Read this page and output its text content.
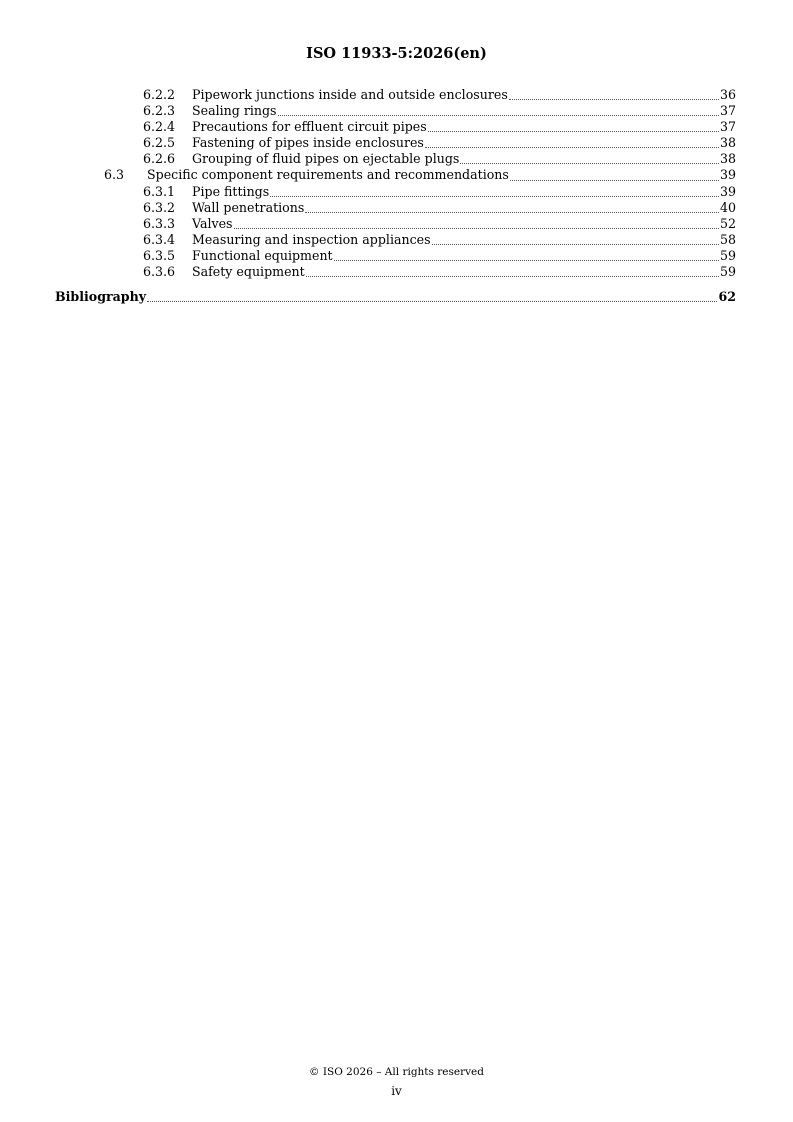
ISO 11933-5:2026(en)
6.2.2	Pipework junctions inside and outside enclosures	36
6.2.3	Sealing rings	37
6.2.4	Precautions for effluent circuit pipes	37
6.2.5	Fastening of pipes inside enclosures	38
6.2.6	Grouping of fluid pipes on ejectable plugs	38
6.3	Specific component requirements and recommendations	39
6.3.1	Pipe fittings	39
6.3.2	Wall penetrations	40
6.3.3	Valves	52
6.3.4	Measuring and inspection appliances	58
6.3.5	Functional equipment	59
6.3.6	Safety equipment	59
Bibliography	62
© ISO 2026 – All rights reserved
iv
